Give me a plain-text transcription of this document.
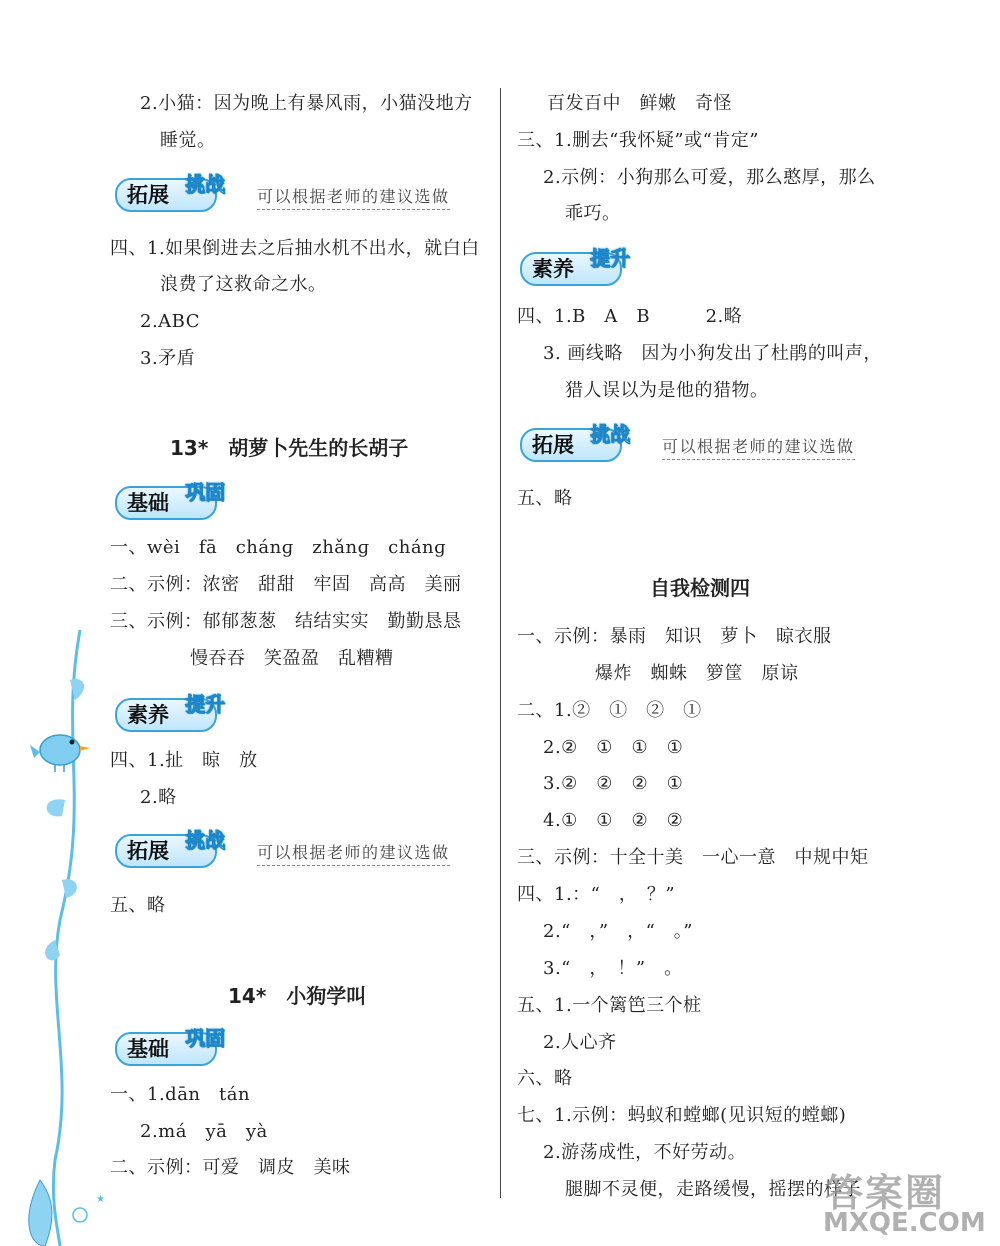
2.小猫：因为晚上有暴风雨，小猫没地方
睡觉。
拓展 挑战
可以根据老师的建议选做
四、1.如果倒进去之后抽水机不出水，就白白
浪费了这救命之水。
2.ABC
3.矛盾
13*　胡萝卜先生的长胡子
基础 巩固
一、wèi　fā　chánɡ　zhǎnɡ　chánɡ
二、示例：浓密　甜甜　牢固　高高　美丽
三、示例：郁郁葱葱　结结实实　勤勤恳恳
慢吞吞　笑盈盈　乱糟糟
素养 提升
四、1.扯　晾　放
2.略
拓展 挑战
可以根据老师的建议选做
五、略
14*　小狗学叫
基础 巩固
一、1.dān　tán
2.má　yā　yà
二、示例：可爱　调皮　美味
百发百中　鲜嫩　奇怪
三、1.删去“我怀疑”或“肯定”
2.示例：小狗那么可爱，那么憨厚，那么
乖巧。
素养 提升
四、1.B　A　B　　　2.略
3. 画线略　因为小狗发出了杜鹃的叫声，
猎人误以为是他的猎物。
拓展 挑战
可以根据老师的建议选做
五、略
自我检测四
一、示例：暴雨　知识　萝卜　晾衣服
爆炸　蜘蛛　箩筐　原谅
二、1.②　①　②　①
2.②　①　①　①
3.②　②　②　①
4.①　①　②　②
三、示例：十全十美　一心一意　中规中矩
四、1.：“　，　？”
2.“　，”　，“　。”
3.“　，　！”　。
五、1.一个篱笆三个桩
2.人心齐
六、略
七、1.示例：蚂蚁和螳螂(见识短的螳螂)
2.游荡成性，不好劳动。
腿脚不灵便，走路缓慢，摇摆的样子
★	答案圈
MXQE.COM
